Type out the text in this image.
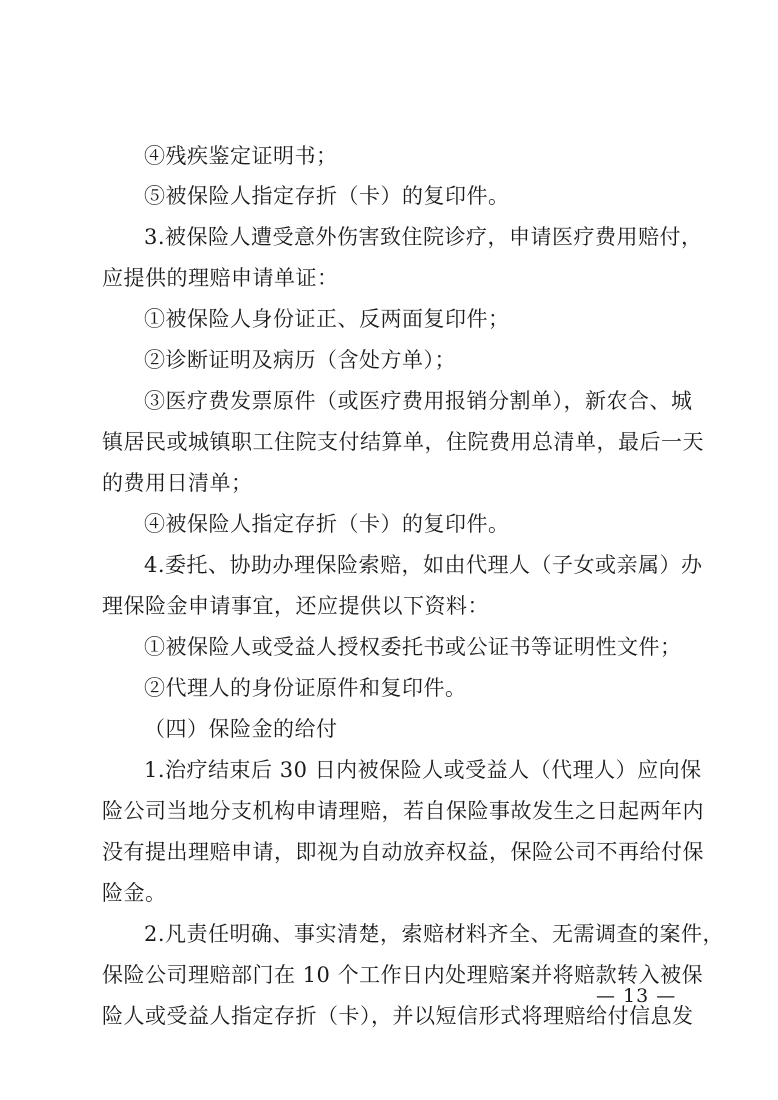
④残疾鉴定证明书；
⑤被保险人指定存折（卡）的复印件。
3.被保险人遭受意外伤害致住院诊疗，申请医疗费用赔付，
应提供的理赔申请单证：
①被保险人身份证正、反两面复印件；
②诊断证明及病历（含处方单）；
③医疗费发票原件（或医疗费用报销分割单），新农合、城
镇居民或城镇职工住院支付结算单，住院费用总清单，最后一天
的费用日清单；
④被保险人指定存折（卡）的复印件。
4.委托、协助办理保险索赔，如由代理人（子女或亲属）办
理保险金申请事宜，还应提供以下资料：
①被保险人或受益人授权委托书或公证书等证明性文件；
②代理人的身份证原件和复印件。
（四）保险金的给付
1.治疗结束后 30 日内被保险人或受益人（代理人）应向保
险公司当地分支机构申请理赔，若自保险事故发生之日起两年内
没有提出理赔申请，即视为自动放弃权益，保险公司不再给付保
险金。
2.凡责任明确、事实清楚，索赔材料齐全、无需调查的案件，
保险公司理赔部门在 10 个工作日内处理赔案并将赔款转入被保
险人或受益人指定存折（卡），并以短信形式将理赔给付信息发
— 13 —
